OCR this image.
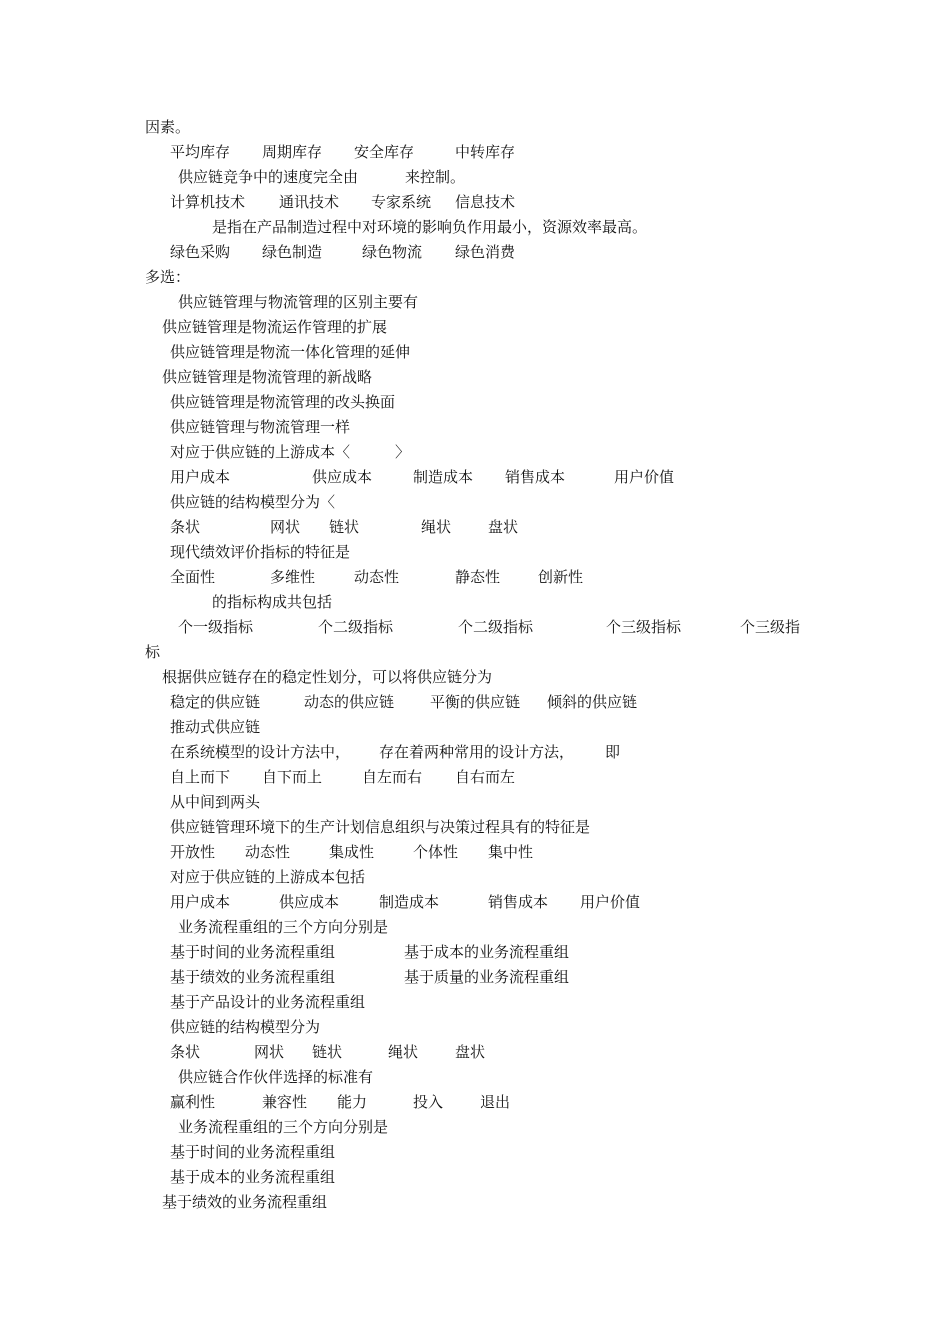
因素。
平均库存 周期库存 安全库存	中转库存
供应链竞争中的速度完全由	来控制。
计算机技术 通讯技术 专家系统 信息技术
是指在产品制造过程中对环境的影响负作用最小，资源效率最高。
绿色采购 绿色制造	绿色物流 绿色消费
多选：
供应链管理与物流管理的区别主要有
供应链管理是物流运作管理的扩展
供应链管理是物流一体化管理的延伸
供应链管理是物流管理的新战略
供应链管理是物流管理的改头换面
供应链管理与物流管理一样
对应于供应链的上游成本〈	〉
用户成本	供应成本	制造成本 销售成本	用户价值
供应链的结构模型分为〈
条状	网状 链状	绳状 盘状
现代绩效评价指标的特征是
全面性	多维性	动态性	静态性	创新性
的指标构成共包括
个一级指标	个二级指标	个二级指标	个三级指标	个三级指
标
根据供应链存在的稳定性划分，可以将供应链分为
稳定的供应链	动态的供应链 平衡的供应链 倾斜的供应链
推动式供应链
在系统模型的设计方法中， 存在着两种常用的设计方法， 即
自上而下 自下而上	自左而右 自右而左
从中间到两头
供应链管理环境下的生产计划信息组织与决策过程具有的特征是
开放性 动态性	集成性	个体性 集中性
对应于供应链的上游成本包括
用户成本	供应成本	制造成本	销售成本 用户价值
业务流程重组的三个方向分别是
基于时间的业务流程重组	基于成本的业务流程重组
基于绩效的业务流程重组	基于质量的业务流程重组
基于产品设计的业务流程重组
供应链的结构模型分为
条状	网状 链状	绳状 盘状
供应链合作伙伴选择的标准有
赢利性	兼容性 能力	投入 退出
业务流程重组的三个方向分别是
基于时间的业务流程重组
基于成本的业务流程重组
基于绩效的业务流程重组
